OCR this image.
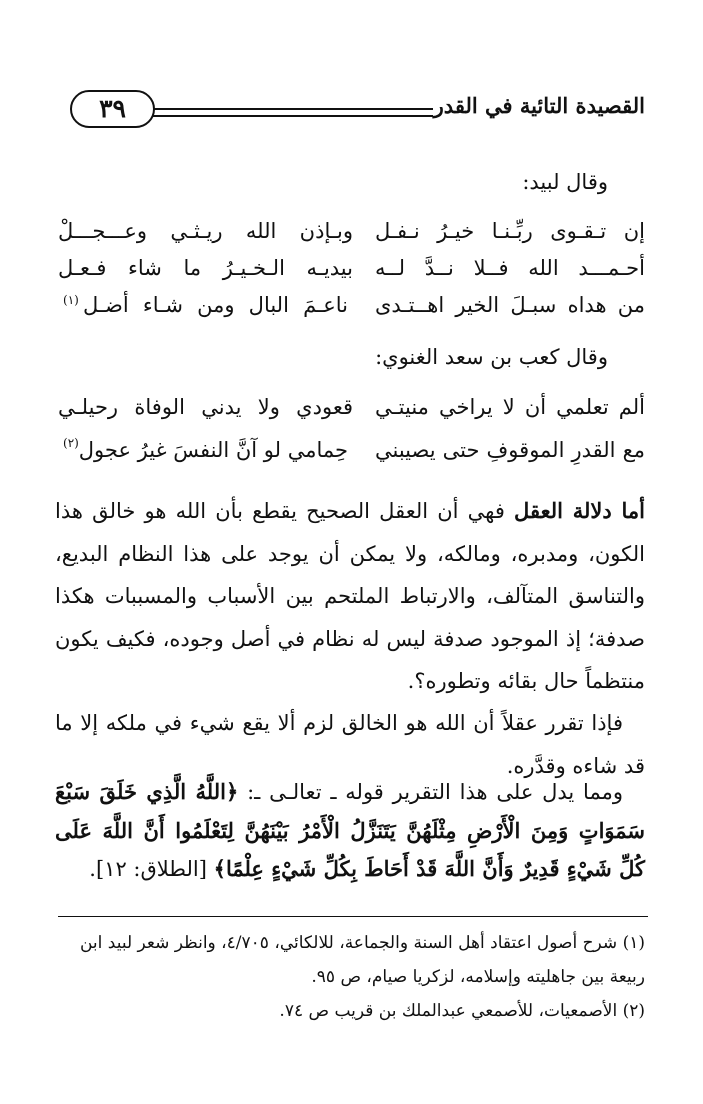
القصيدة التائية في القدر
٣٩
وقال لبيد:
إن تـقـوى ربِّـنـا خيـرُ نـفـل
وبـإذن الله ريـثـي وعـــجـــلْ
أحـمـــد الله فــلا نــدَّ لــه
بيديـه الـخـيـرُ ما شاء فـعـل
من هداه سبـلَ الخير اهــتـدى
ناعـمَ البال ومن شـاء أضـل
(١)
وقال كعب بن سعد الغنوي:
ألم تعلمي أن لا يراخي منيتـي
قعودي ولا يدني الوفاة رحيلـي
مع القدرِ الموقوفِ حتى يصيبني
حِمامي لو آنَّ النفسَ غيرُ عجول
(٢)
أما دلالة العقل فهي أن العقل الصحيح يقطع بأن الله هو خالق هذا الكون، ومدبره، ومالكه، ولا يمكن أن يوجد على هذا النظام البديع، والتناسق المتآلف، والارتباط الملتحم بين الأسباب والمسببات هكذا صدفة؛ إذ الموجود صدفة ليس له نظام في أصل وجوده، فكيف يكون منتظماً حال بقائه وتطوره؟.
فإذا تقرر عقلاً أن الله هو الخالق لزم ألا يقع شيء في ملكه إلا ما قد شاءه وقدَّره.
ومما يدل على هذا التقرير قوله ـ تعالـى ـ: ﴿اللَّهُ الَّذِي خَلَقَ سَبْعَ سَمَوَاتٍ وَمِنَ الْأَرْضِ مِثْلَهُنَّ يَتَنَزَّلُ الْأَمْرُ بَيْنَهُنَّ لِتَعْلَمُوا أَنَّ اللَّهَ عَلَى كُلِّ شَيْءٍ قَدِيرٌ وَأَنَّ اللَّهَ قَدْ أَحَاطَ بِكُلِّ شَيْءٍ عِلْمًا﴾ [الطلاق: ١٢].
(١) شرح أصول اعتقاد أهل السنة والجماعة، للالكائي، ٤/٧٠٥، وانظر شعر لبيد ابن ربيعة بين جاهليته وإسلامه، لزكريا صيام، ص ٩٥.
(٢) الأصمعيات، للأصمعي عبدالملك بن قريب ص ٧٤.
